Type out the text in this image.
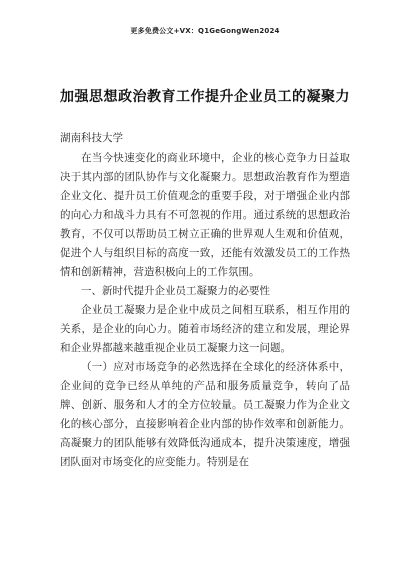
更多免费公文+VX：Q1GeGongWen2024
加强思想政治教育工作提升企业员工的凝聚力
湖南科技大学

在当今快速变化的商业环境中，企业的核心竞争力日益取决于其内部的团队协作与文化凝聚力。思想政治教育作为塑造企业文化、提升员工价值观念的重要手段，对于增强企业内部的向心力和战斗力具有不可忽视的作用。通过系统的思想政治教育，不仅可以帮助员工树立正确的世界观人生观和价值观，促进个人与组织目标的高度一致，还能有效激发员工的工作热情和创新精神，营造积极向上的工作氛围。

一、新时代提升企业员工凝聚力的必要性

企业员工凝聚力是企业中成员之间相互联系，相互作用的关系，是企业的向心力。随着市场经济的建立和发展，理论界和企业界都越来越重视企业员工凝聚力这一问题。

（一）应对市场竞争的必然选择在全球化的经济体系中，企业间的竞争已经从单纯的产品和服务质量竞争，转向了品牌、创新、服务和人才的全方位较量。员工凝聚力作为企业文化的核心部分，直接影响着企业内部的协作效率和创新能力。高凝聚力的团队能够有效降低沟通成本，提升决策速度，增强团队面对市场变化的应变能力。特别是在
